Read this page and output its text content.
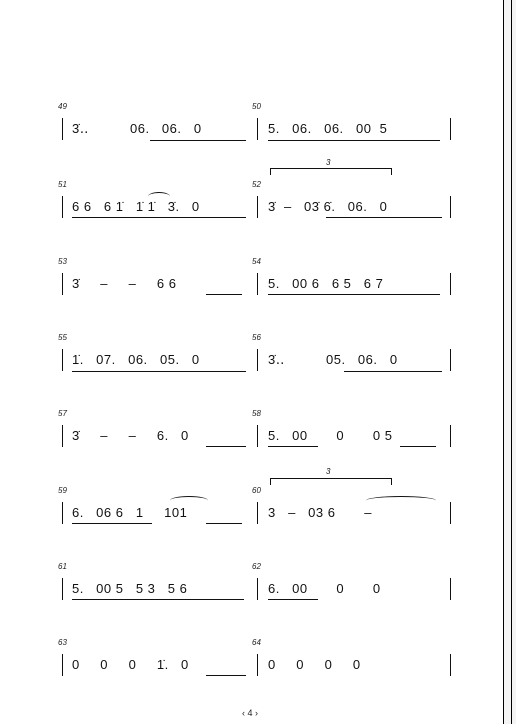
49	50
3̇‥          06.   06.   0	5.   06.   06.   00  5
3
51	52
6 6   6 1̇   1̇ 1̇   3̇.   0	3̇  –   03̇ 6̇.   06.   0
53	54
3̇     –     –     6 6	5.   00 6   6 5   6 7
55	56
1̇.   07.   06.   05.   0	3̇‥          05.   06.   0
57	58
3̇     –     –     6.   0	5.   00       0       0 5
3
59	60
6.   06 6   1     101	3   –   03 6       –
61	62
5.   00 5   5 3   5 6	6.   00       0       0
63	64
0     0     0     1̇.   0	0     0     0     0
‹ 4 ›
